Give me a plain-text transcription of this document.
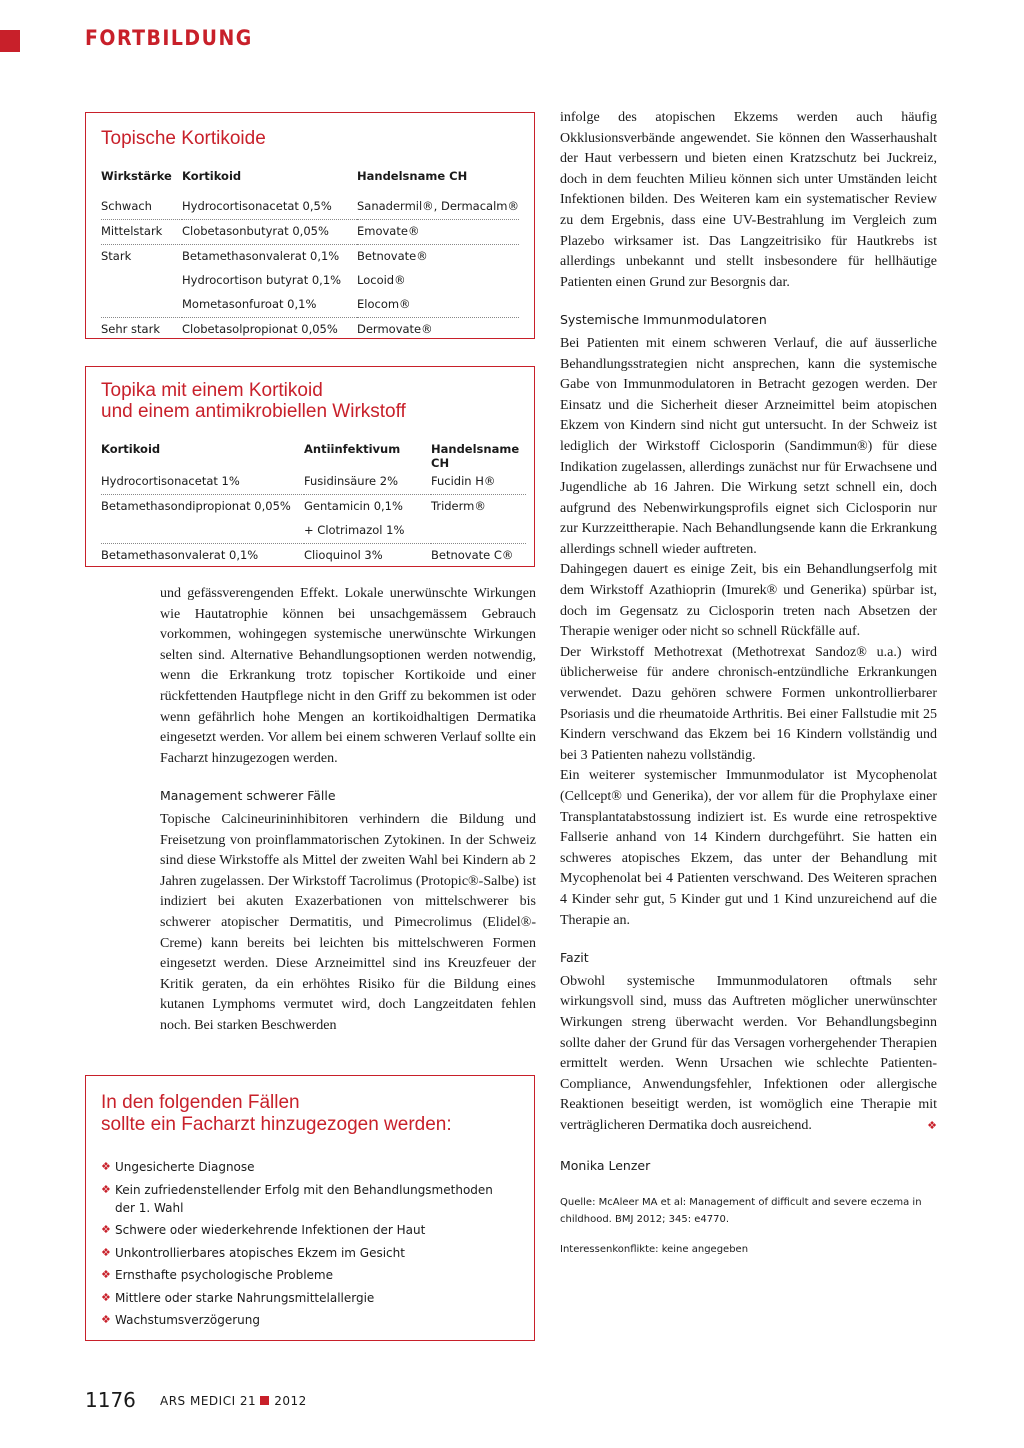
FORTBILDUNG
Topische Kortikoide
Wirkstärke	Kortikoid	Handelsname CH
Schwach	Hydrocortisonacetat 0,5%	Sanadermil®, Dermacalm®
Mittelstark	Clobetasonbutyrat 0,05%	Emovate®
Stark	Betamethasonvalerat 0,1%	Betnovate®
	Hydrocortison butyrat 0,1%	Locoid®
	Mometasonfuroat 0,1%	Elocom®
Sehr stark	Clobetasolpropionat 0,05%	Dermovate®
Topika mit einem Kortikoid
und einem antimikrobiellen Wirkstoff
Kortikoid	Antiinfektivum	Handelsname CH
Hydrocortisonacetat 1%	Fusidinsäure 2%	Fucidin H®
Betamethasondipropionat 0,05%	Gentamicin 0,1%	Triderm®
	+ Clotrimazol 1%	
Betamethasonvalerat 0,1%	Clioquinol 3%	Betnovate C®

und gefässverengenden Effekt. Lokale unerwünschte Wirkungen wie Hautatrophie können bei unsachgemässem Gebrauch vorkommen, wohingegen systemische unerwünschte Wirkungen selten sind. Alternative Behandlungsoptionen werden notwendig, wenn die Erkrankung trotz topischer Kortikoide und einer rückfettenden Hautpflege nicht in den Griff zu bekommen ist oder wenn gefährlich hohe Mengen an kortikoidhaltigen Dermatika eingesetzt werden. Vor allem bei einem schweren Verlauf sollte ein Facharzt hinzugezogen werden.

Management schwerer Fälle

Topische Calcineurininhibitoren verhindern die Bildung und Freisetzung von proinflammatorischen Zytokinen. In der Schweiz sind diese Wirkstoffe als Mittel der zweiten Wahl bei Kindern ab 2 Jahren zugelassen. Der Wirkstoff Tacrolimus (Protopic®-Salbe) ist indiziert bei akuten Exazerbationen von mittelschwerer bis schwerer atopischer Dermatitis, und Pimecrolimus (Elidel®-Creme) kann bereits bei leichten bis mittelschweren Formen eingesetzt werden. Diese Arzneimittel sind ins Kreuzfeuer der Kritik geraten, da ein erhöhtes Risiko für die Bildung eines kutanen Lymphoms vermutet wird, doch Langzeitdaten fehlen noch. Bei starken Beschwerden

In den folgenden Fällen
sollte ein Facharzt hinzugezogen werden:
❖ Ungesicherte Diagnose
❖ Kein zufriedenstellender Erfolg mit den Behandlungsmethoden der 1. Wahl
❖ Schwere oder wiederkehrende Infektionen der Haut
❖ Unkontrollierbares atopisches Ekzem im Gesicht
❖ Ernsthafte psychologische Probleme
❖ Mittlere oder starke Nahrungsmittelallergie
❖ Wachstumsverzögerung

infolge des atopischen Ekzems werden auch häufig Okklusionsverbände angewendet. Sie können den Wasserhaushalt der Haut verbessern und bieten einen Kratzschutz bei Juckreiz, doch in dem feuchten Milieu können sich unter Umständen leicht Infektionen bilden. Des Weiteren kam ein systematischer Review zu dem Ergebnis, dass eine UV-Bestrahlung im Vergleich zum Plazebo wirksamer ist. Das Langzeitrisiko für Hautkrebs ist allerdings unbekannt und stellt insbesondere für hellhäutige Patienten einen Grund zur Besorgnis dar.

Systemische Immunmodulatoren

Bei Patienten mit einem schweren Verlauf, die auf äusserliche Behandlungsstrategien nicht ansprechen, kann die systemische Gabe von Immunmodulatoren in Betracht gezogen werden. Der Einsatz und die Sicherheit dieser Arzneimittel beim atopischen Ekzem von Kindern sind nicht gut untersucht. In der Schweiz ist lediglich der Wirkstoff Ciclosporin (Sandimmun®) für diese Indikation zugelassen, allerdings zunächst nur für Erwachsene und Jugendliche ab 16 Jahren. Die Wirkung setzt schnell ein, doch aufgrund des Nebenwirkungsprofils eignet sich Ciclosporin nur zur Kurzzeittherapie. Nach Behandlungsende kann die Erkrankung allerdings schnell wieder auftreten.

Dahingegen dauert es einige Zeit, bis ein Behandlungserfolg mit dem Wirkstoff Azathioprin (Imurek® und Generika) spürbar ist, doch im Gegensatz zu Ciclosporin treten nach Absetzen der Therapie weniger oder nicht so schnell Rückfälle auf.

Der Wirkstoff Methotrexat (Methotrexat Sandoz® u.a.) wird üblicherweise für andere chronisch-entzündliche Erkrankungen verwendet. Dazu gehören schwere Formen unkontrollierbarer Psoriasis und die rheumatoide Arthritis. Bei einer Fallstudie mit 25 Kindern verschwand das Ekzem bei 16 Kindern vollständig und bei 3 Patienten nahezu vollständig.

Ein weiterer systemischer Immunmodulator ist Mycophenolat (Cellcept® und Generika), der vor allem für die Prophylaxe einer Transplantatabstossung indiziert ist. Es wurde eine retrospektive Fallserie anhand von 14 Kindern durchgeführt. Sie hatten ein schweres atopisches Ekzem, das unter der Behandlung mit Mycophenolat bei 4 Patienten verschwand. Des Weiteren sprachen 4 Kinder sehr gut, 5 Kinder gut und 1 Kind unzureichend auf die Therapie an.

Fazit

Obwohl systemische Immunmodulatoren oftmals sehr wirkungsvoll sind, muss das Auftreten möglicher unerwünschter Wirkungen streng überwacht werden. Vor Behandlungsbeginn sollte daher der Grund für das Versagen vorhergehender Therapien ermittelt werden. Wenn Ursachen wie schlechte Patienten-Compliance, Anwendungsfehler, Infektionen oder allergische Reaktionen beseitigt werden, ist womöglich eine Therapie mit verträglicheren Dermatika doch ausreichend.	❖

Monika Lenzer

Quelle: McAleer MA et al: Management of difficult and severe eczema in childhood. BMJ 2012; 345: e4770.

Interessenkonflikte: keine angegeben

1176 ARS MEDICI 21 2012
